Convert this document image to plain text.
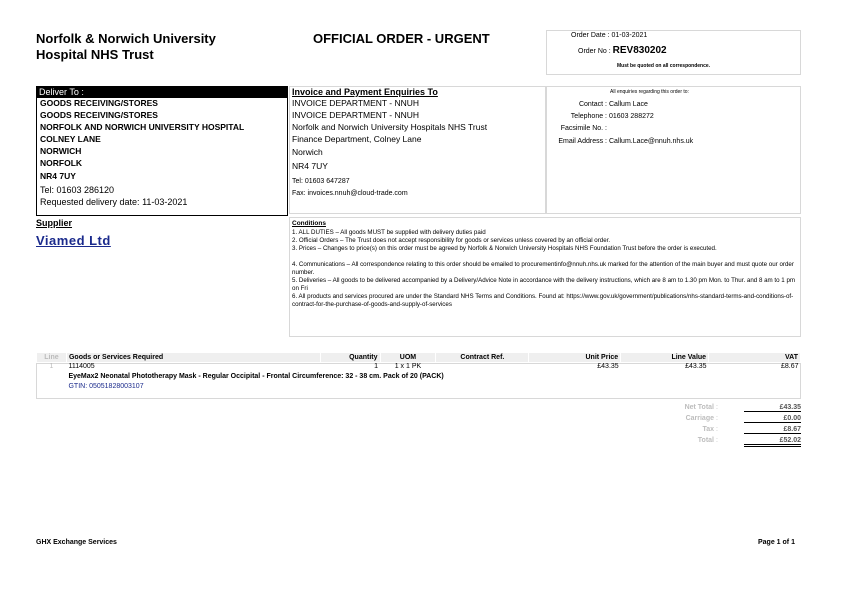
Norfolk & Norwich University
Hospital NHS Trust
OFFICIAL ORDER - URGENT	Order Date : 01-03-2021
Order No : REV830202
Must be quoted on all correspondence.
Deliver To :
GOODS RECEIVING/STORES
GOODS RECEIVING/STORES
NORFOLK AND NORWICH UNIVERSITY HOSPITAL
COLNEY LANE
NORWICH
NORFOLK
NR4 7UY
Tel: 01603 286120
Requested delivery date: 11-03-2021
Invoice and Payment Enquiries To
INVOICE DEPARTMENT - NNUH
INVOICE DEPARTMENT - NNUH
Norfolk and Norwich University Hospitals NHS Trust
Finance Department, Colney Lane
Norwich
NR4 7UY
Tel: 01603 647287
Fax: invoices.nnuh@cloud-trade.com
All enquiries regarding this order to:
Contact : Callum Lace
Telephone : 01603 288272
Facsimile No. :
Email Address : Callum.Lace@nnuh.nhs.uk
Supplier
Viamed Ltd
Conditions
1. ALL DUTIES – All goods MUST be supplied with delivery duties paid
2. Official Orders – The Trust does not accept responsibility for goods or services unless covered by an official order.
3. Prices – Changes to price(s) on this order must be agreed by Norfolk & Norwich University Hospitals NHS Foundation Trust before the order is executed.
4. Communications – All correspondence relating to this order should be emailed to procurementinfo@nnuh.nhs.uk marked for the attention of the main buyer and must quote our order number.
5. Deliveries – All goods to be delivered accompanied by a Delivery/Advice Note in accordance with the delivery instructions, which are 8 am to 1.30 pm Mon. to Thur. and 8 am to 1 pm on Fri
6. All products and services procured are under the Standard NHS Terms and Conditions. Found at: https://www.gov.uk/government/publications/nhs-standard-terms-and-conditions-of-contract-for-the-purchase-of-goods-and-supply-of-services
Line	Goods or Services Required	Quantity	UOM	Contract Ref.	Unit Price	Line Value	VAT
1	1114005	1	1 x 1 PK		£43.35	£43.35	£8.67
	EyeMax2 Neonatal Phototherapy Mask - Regular Occipital - Frontal Circumference: 32 - 38 cm. Pack of 20 (PACK)						
	GTIN: 05051828003107						
Net Total :	£43.35
Carriage :	£0.00
Tax :	£8.67
Total :	£52.02
GHX Exchange Services	Page 1 of 1
